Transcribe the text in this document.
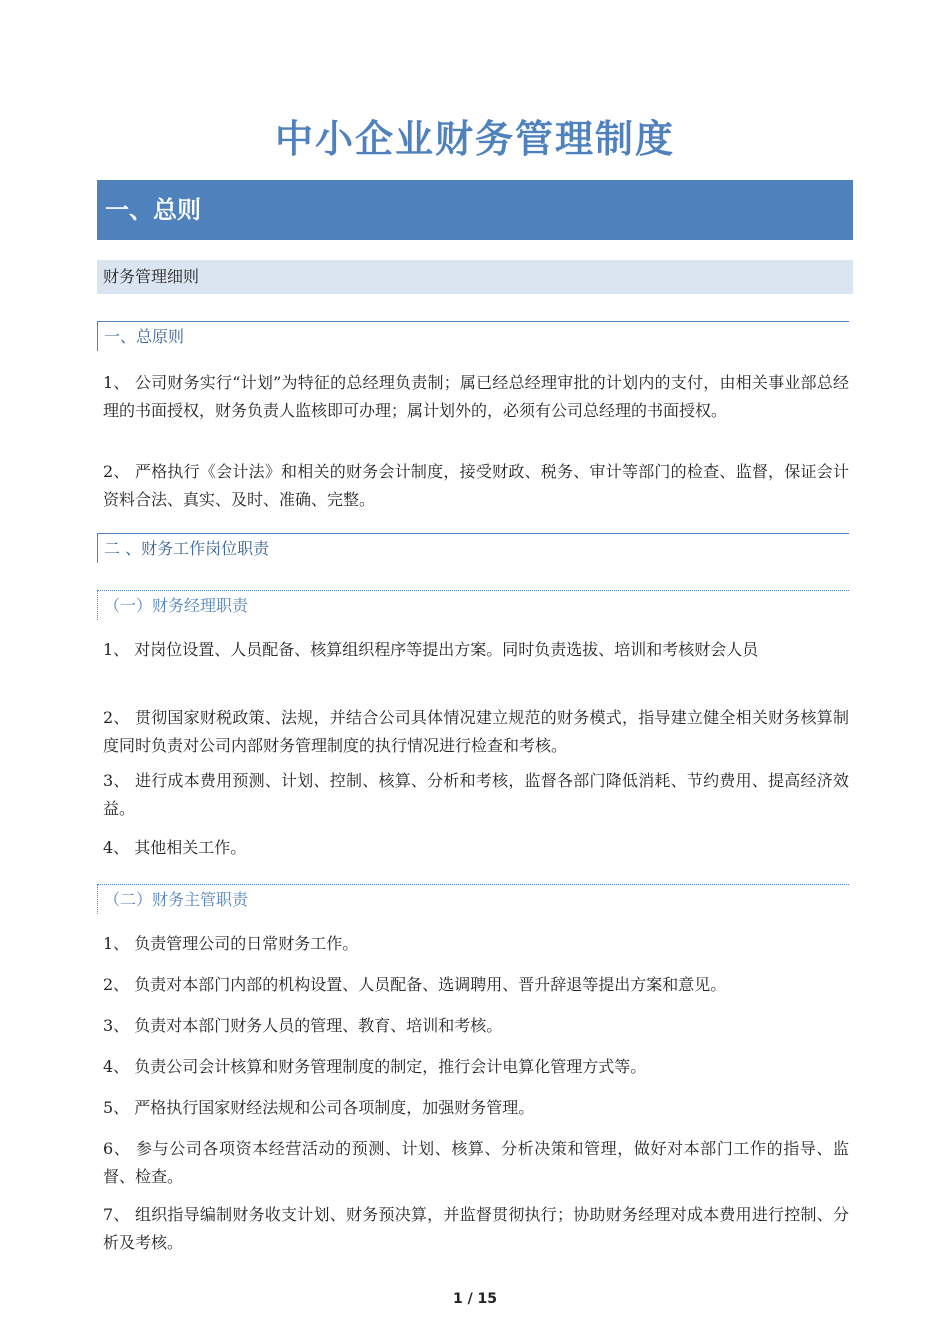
中小企业财务管理制度
一、总则
财务管理细则
一、总原则
1、 公司财务实行“计划”为特征的总经理负责制；属已经总经理审批的计划内的支付，由相关事业部总经理的书面授权，财务负责人监核即可办理；属计划外的，必须有公司总经理的书面授权。
2、 严格执行《会计法》和相关的财务会计制度，接受财政、税务、审计等部门的检查、监督，保证会计资料合法、真实、及时、准确、完整。
二 、财务工作岗位职责
（一）财务经理职责
1、 对岗位设置、人员配备、核算组织程序等提出方案。同时负责选拔、培训和考核财会人员
2、 贯彻国家财税政策、法规，并结合公司具体情况建立规范的财务模式，指导建立健全相关财务核算制度同时负责对公司内部财务管理制度的执行情况进行检查和考核。
3、 进行成本费用预测、计划、控制、核算、分析和考核，监督各部门降低消耗、节约费用、提高经济效益。
4、 其他相关工作。
（二）财务主管职责
1、 负责管理公司的日常财务工作。
2、 负责对本部门内部的机构设置、人员配备、选调聘用、晋升辞退等提出方案和意见。
3、 负责对本部门财务人员的管理、教育、培训和考核。
4、 负责公司会计核算和财务管理制度的制定，推行会计电算化管理方式等。
5、 严格执行国家财经法规和公司各项制度，加强财务管理。
6、 参与公司各项资本经营活动的预测、计划、核算、分析决策和管理，做好对本部门工作的指导、监督、检查。
7、 组织指导编制财务收支计划、财务预决算，并监督贯彻执行；协助财务经理对成本费用进行控制、分析及考核。
1 / 15
